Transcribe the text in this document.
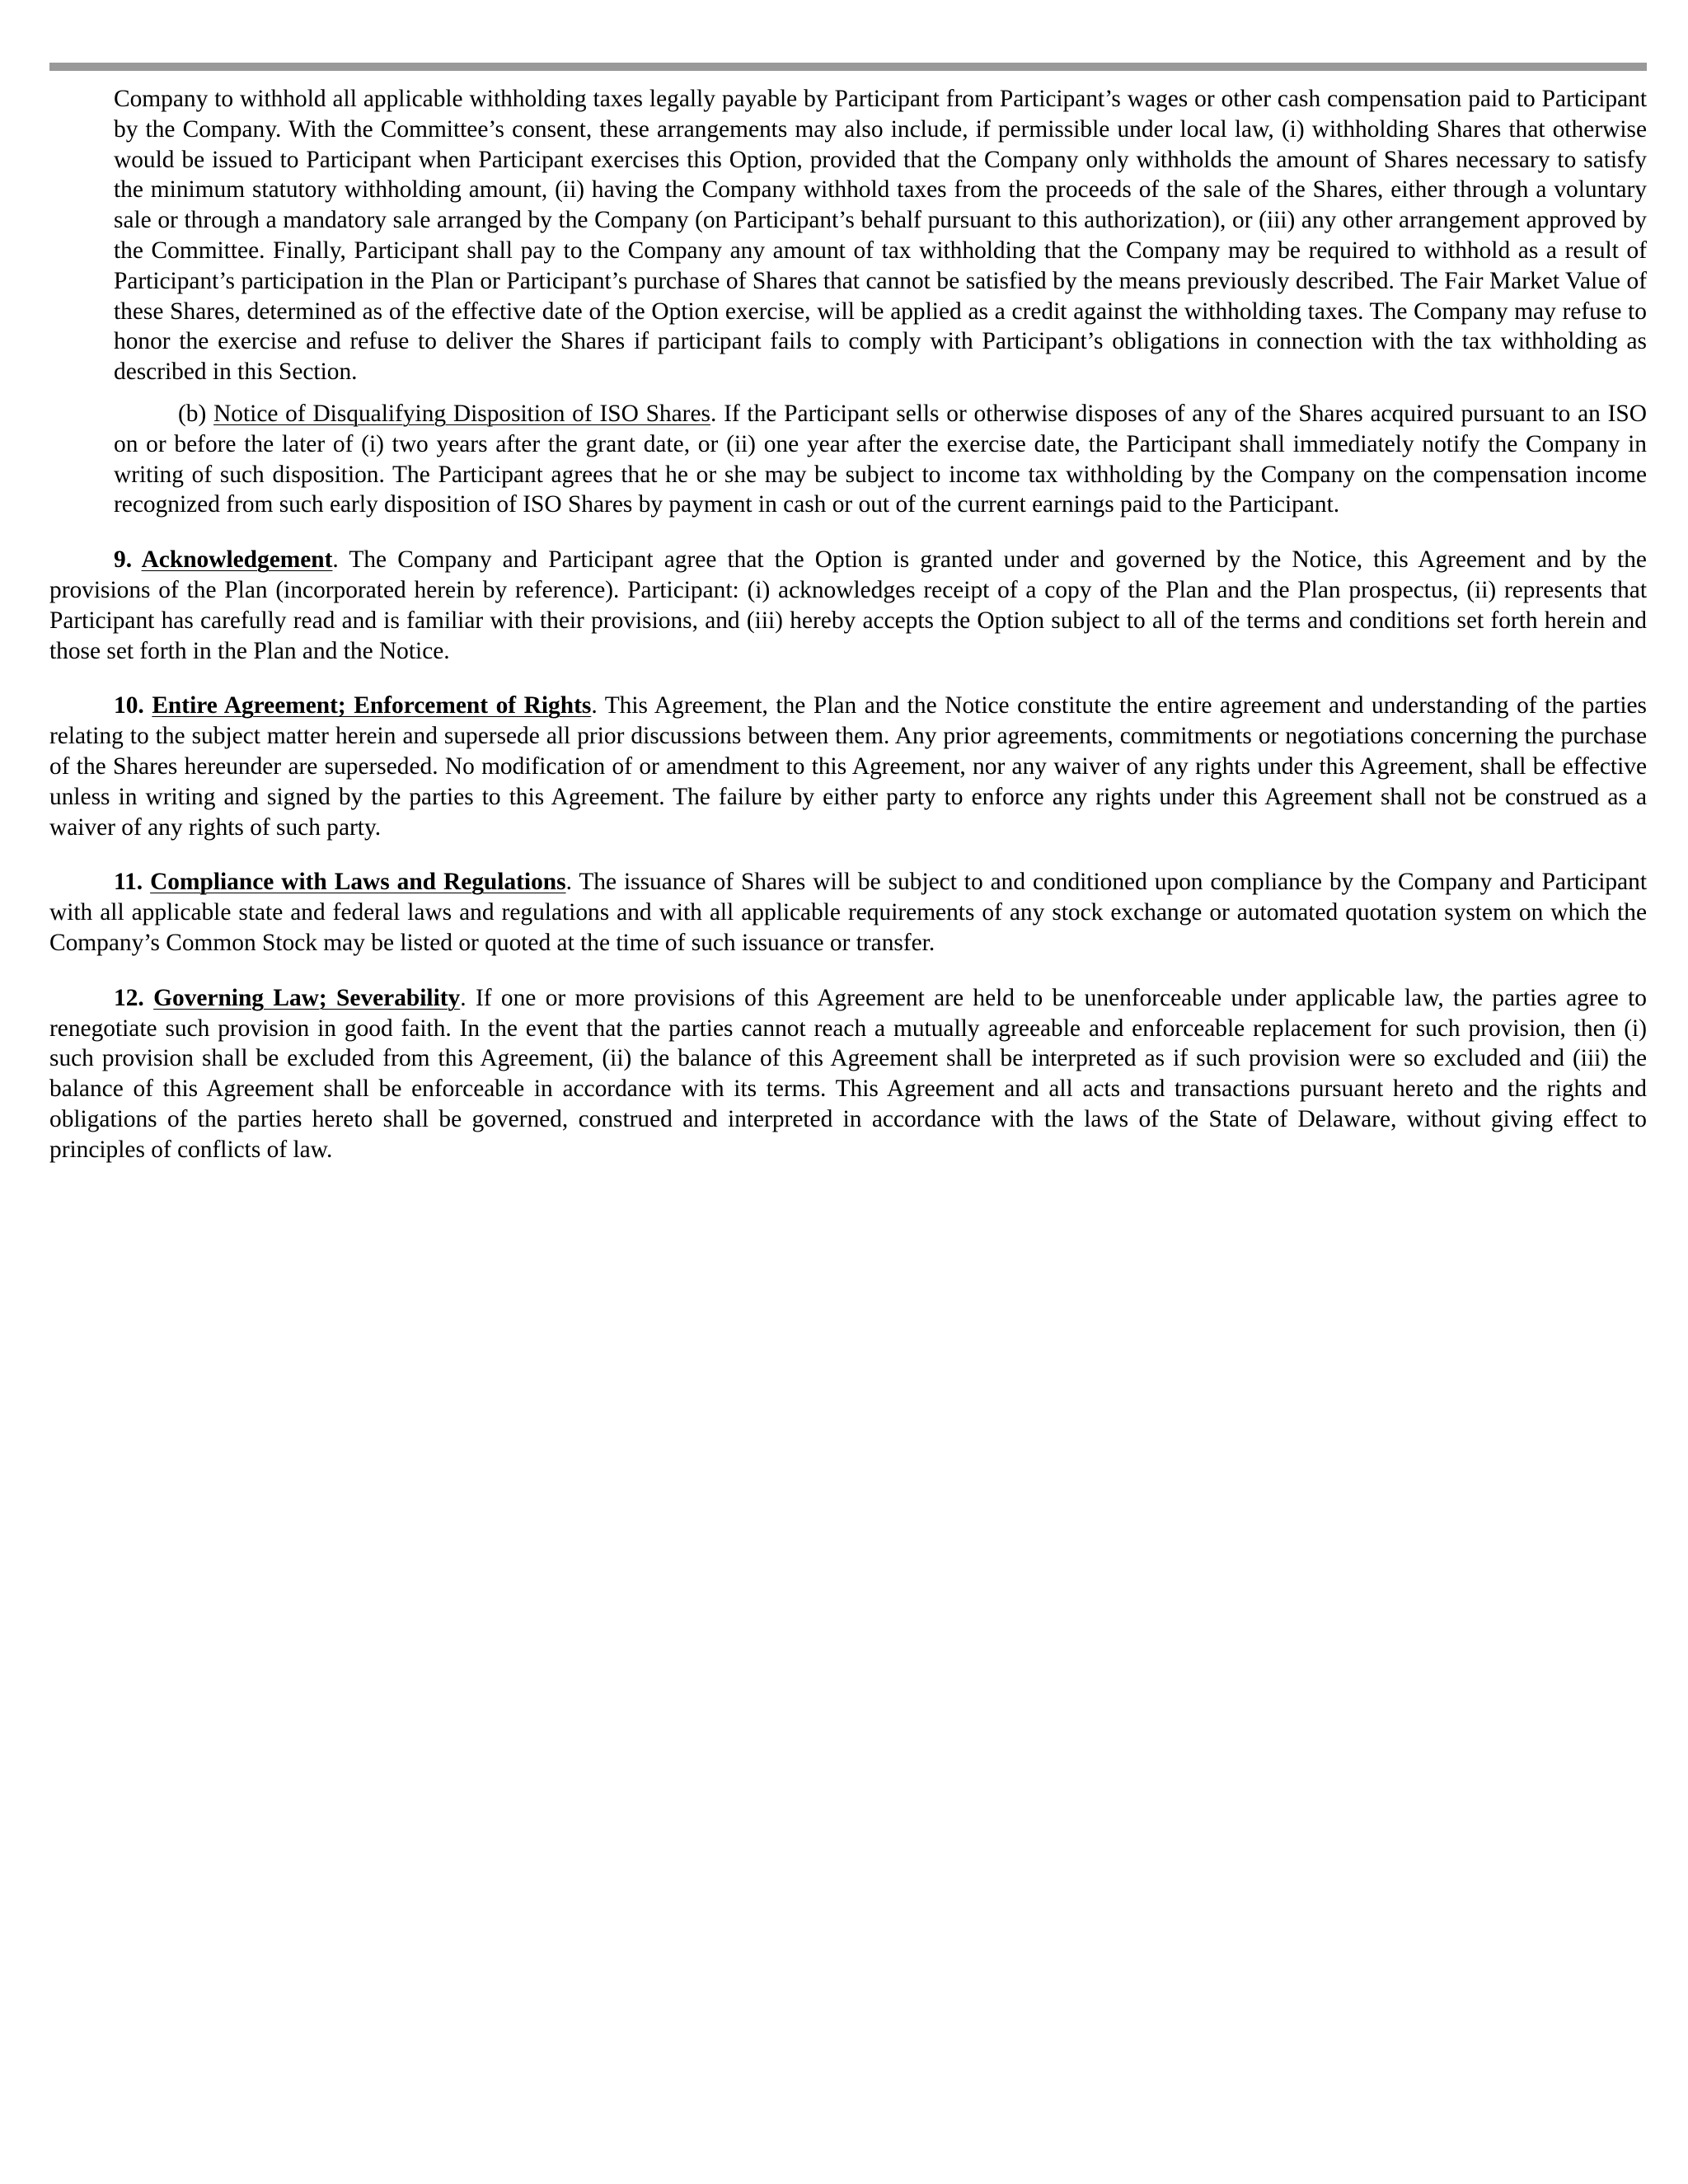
Company to withhold all applicable withholding taxes legally payable by Participant from Participant’s wages or other cash compensation paid to Participant by the Company. With the Committee’s consent, these arrangements may also include, if permissible under local law, (i) withholding Shares that otherwise would be issued to Participant when Participant exercises this Option, provided that the Company only withholds the amount of Shares necessary to satisfy the minimum statutory withholding amount, (ii) having the Company withhold taxes from the proceeds of the sale of the Shares, either through a voluntary sale or through a mandatory sale arranged by the Company (on Participant’s behalf pursuant to this authorization), or (iii) any other arrangement approved by the Committee. Finally, Participant shall pay to the Company any amount of tax withholding that the Company may be required to withhold as a result of Participant’s participation in the Plan or Participant’s purchase of Shares that cannot be satisfied by the means previously described. The Fair Market Value of these Shares, determined as of the effective date of the Option exercise, will be applied as a credit against the withholding taxes. The Company may refuse to honor the exercise and refuse to deliver the Shares if participant fails to comply with Participant’s obligations in connection with the tax withholding as described in this Section.

(b) Notice of Disqualifying Disposition of ISO Shares. If the Participant sells or otherwise disposes of any of the Shares acquired pursuant to an ISO on or before the later of (i) two years after the grant date, or (ii) one year after the exercise date, the Participant shall immediately notify the Company in writing of such disposition. The Participant agrees that he or she may be subject to income tax withholding by the Company on the compensation income recognized from such early disposition of ISO Shares by payment in cash or out of the current earnings paid to the Participant.

9. Acknowledgement. The Company and Participant agree that the Option is granted under and governed by the Notice, this Agreement and by the provisions of the Plan (incorporated herein by reference). Participant: (i) acknowledges receipt of a copy of the Plan and the Plan prospectus, (ii) represents that Participant has carefully read and is familiar with their provisions, and (iii) hereby accepts the Option subject to all of the terms and conditions set forth herein and those set forth in the Plan and the Notice.

10. Entire Agreement; Enforcement of Rights. This Agreement, the Plan and the Notice constitute the entire agreement and understanding of the parties relating to the subject matter herein and supersede all prior discussions between them. Any prior agreements, commitments or negotiations concerning the purchase of the Shares hereunder are superseded. No modification of or amendment to this Agreement, nor any waiver of any rights under this Agreement, shall be effective unless in writing and signed by the parties to this Agreement. The failure by either party to enforce any rights under this Agreement shall not be construed as a waiver of any rights of such party.

11. Compliance with Laws and Regulations. The issuance of Shares will be subject to and conditioned upon compliance by the Company and Participant with all applicable state and federal laws and regulations and with all applicable requirements of any stock exchange or automated quotation system on which the Company’s Common Stock may be listed or quoted at the time of such issuance or transfer.

12. Governing Law; Severability. If one or more provisions of this Agreement are held to be unenforceable under applicable law, the parties agree to renegotiate such provision in good faith. In the event that the parties cannot reach a mutually agreeable and enforceable replacement for such provision, then (i) such provision shall be excluded from this Agreement, (ii) the balance of this Agreement shall be interpreted as if such provision were so excluded and (iii) the balance of this Agreement shall be enforceable in accordance with its terms. This Agreement and all acts and transactions pursuant hereto and the rights and obligations of the parties hereto shall be governed, construed and interpreted in accordance with the laws of the State of Delaware, without giving effect to principles of conflicts of law.
